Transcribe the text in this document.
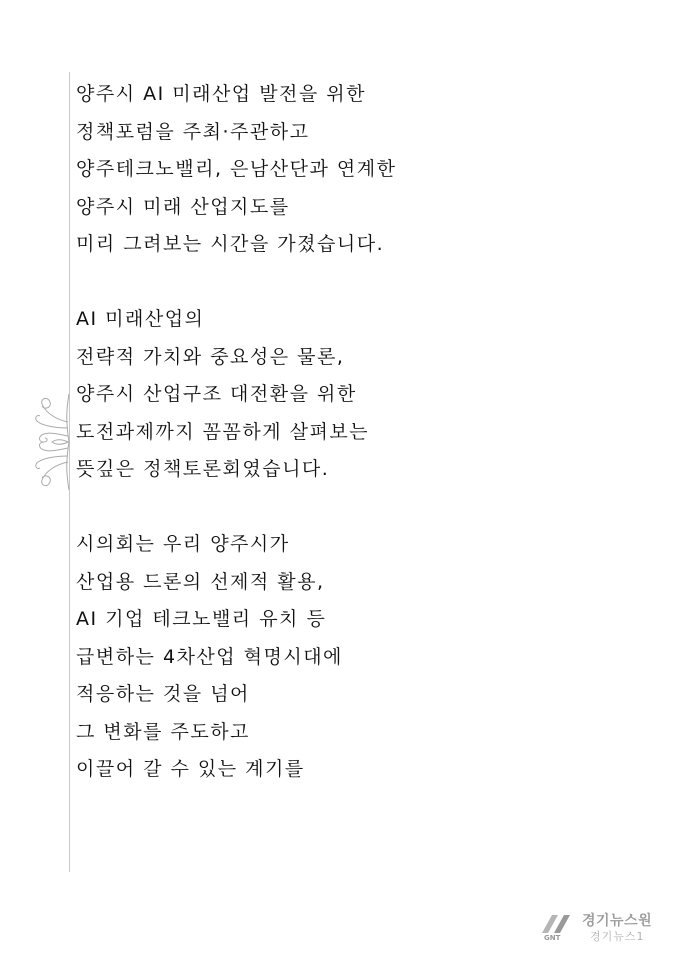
양주시 AI 미래산업 발전을 위한
정책포럼을 주최·주관하고
양주테크노밸리, 은남산단과 연계한
양주시 미래 산업지도를
미리 그려보는 시간을 가졌습니다.
AI 미래산업의
전략적 가치와 중요성은 물론,
양주시 산업구조 대전환을 위한
도전과제까지 꼼꼼하게 살펴보는
뜻깊은 정책토론회였습니다.
시의회는 우리 양주시가
산업용 드론의 선제적 활용,
AI 기업 테크노밸리 유치 등
급변하는 4차산업 혁명시대에
적응하는 것을 넘어
그 변화를 주도하고
이끌어 갈 수 있는 계기를
GNT
경기뉴스원
경기뉴스1
